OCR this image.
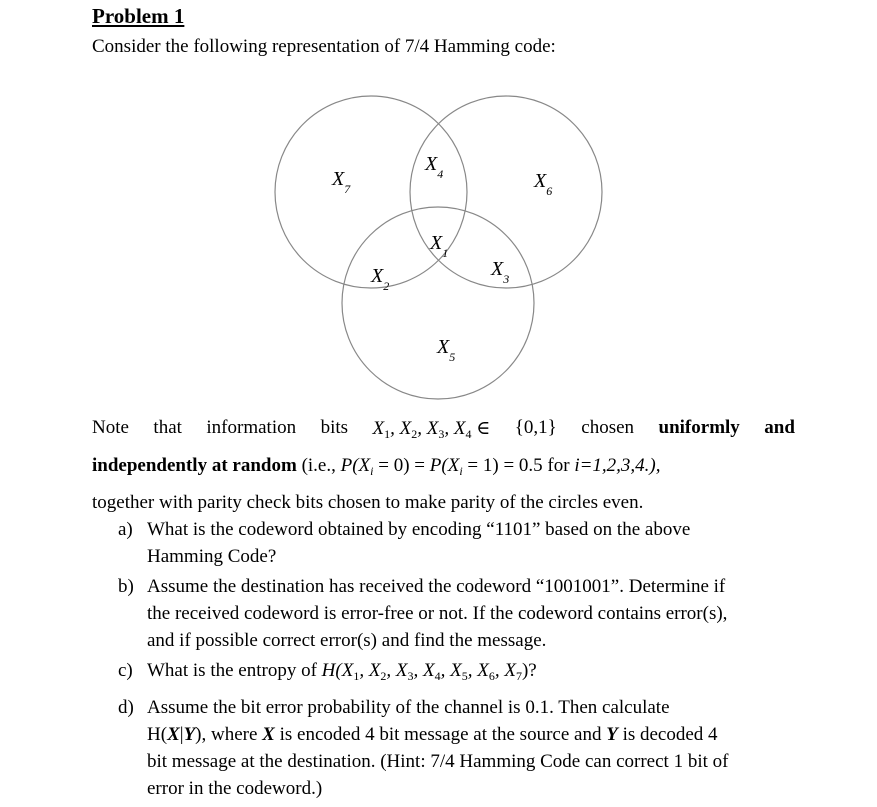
Problem 1
Consider the following representation of 7/4 Hamming code:
$X_7$
$X_4$	$X_6$
$X_1$
$X_2$
$X_3$
$X_5$
Note that information bits $X_1$, $X_2$, $X_3$, $X_4$ ∈ {0,1} chosen uniformly and
independently at random (i.e., $P(X_i = 0) = P(X_i = 1) = 0.5$ for i=1,2,3,4.),
together with parity check bits chosen to make parity of the circles even.
a) What is the codeword obtained by encoding “1101” based on the above
Hamming Code?
b) Assume the destination has received the codeword “1001001”. Determine if
the received codeword is error-free or not. If the codeword contains error(s),
and if possible correct error(s) and find the message.
c) What is the entropy of $H(X_1$, $X_2$, $X_3$, $X_4$, $X_5$, $X_6$, $X_7$)?
d) Assume the bit error probability of the channel is 0.1. Then calculate
H(X|Y), where X is encoded 4 bit message at the source and Y is decoded 4
bit message at the destination. (Hint: 7/4 Hamming Code can correct 1 bit of
error in the codeword.)
